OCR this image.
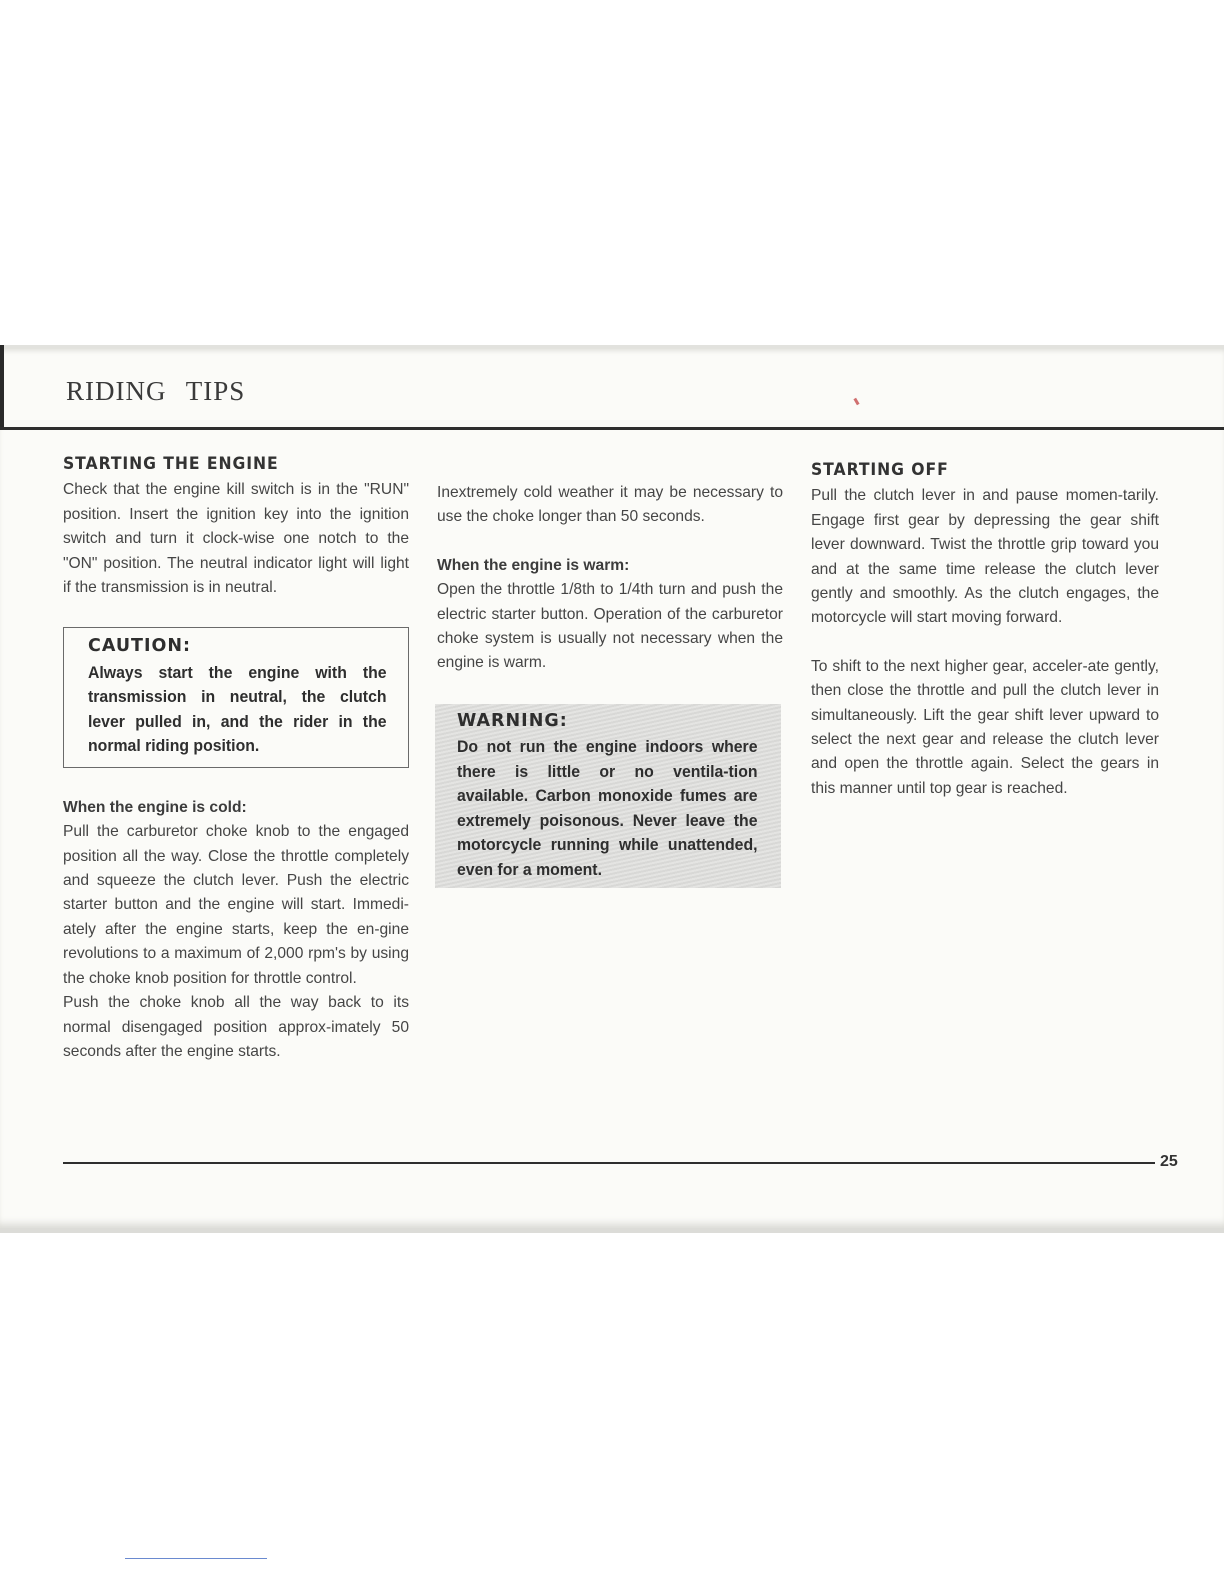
RIDING TIPS
STARTING THE ENGINE

Check that the engine kill switch is in the "RUN" position. Insert the ignition key into the ignition switch and turn it clock-wise one notch to the "ON" position. The neutral indicator light will light if the transmission is in neutral.

CAUTION:

Always start the engine with the transmission in neutral, the clutch lever pulled in, and the rider in the normal riding position.

When the engine is cold:

Pull the carburetor choke knob to the engaged position all the way. Close the throttle completely and squeeze the clutch lever. Push the electric starter button and the engine will start. Immedi-ately after the engine starts, keep the en-gine revolutions to a maximum of 2,000 rpm's by using the choke knob position for throttle control.

Push the choke knob all the way back to its normal disengaged position approx-imately 50 seconds after the engine starts.

Inextremely cold weather it may be necessary to use the choke longer than 50 seconds.

When the engine is warm:

Open the throttle 1/8th to 1/4th turn and push the electric starter button. Operation of the carburetor choke system is usually not necessary when the engine is warm.

WARNING:

Do not run the engine indoors where there is little or no ventila-tion available. Carbon monoxide fumes are extremely poisonous. Never leave the motorcycle running while unattended, even for a moment.

STARTING OFF

Pull the clutch lever in and pause momen-tarily. Engage first gear by depressing the gear shift lever downward. Twist the throttle grip toward you and at the same time release the clutch lever gently and smoothly. As the clutch engages, the motorcycle will start moving forward.

To shift to the next higher gear, acceler-ate gently, then close the throttle and pull the clutch lever in simultaneously. Lift the gear shift lever upward to select the next gear and release the clutch lever and open the throttle again. Select the gears in this manner until top gear is reached.

25
